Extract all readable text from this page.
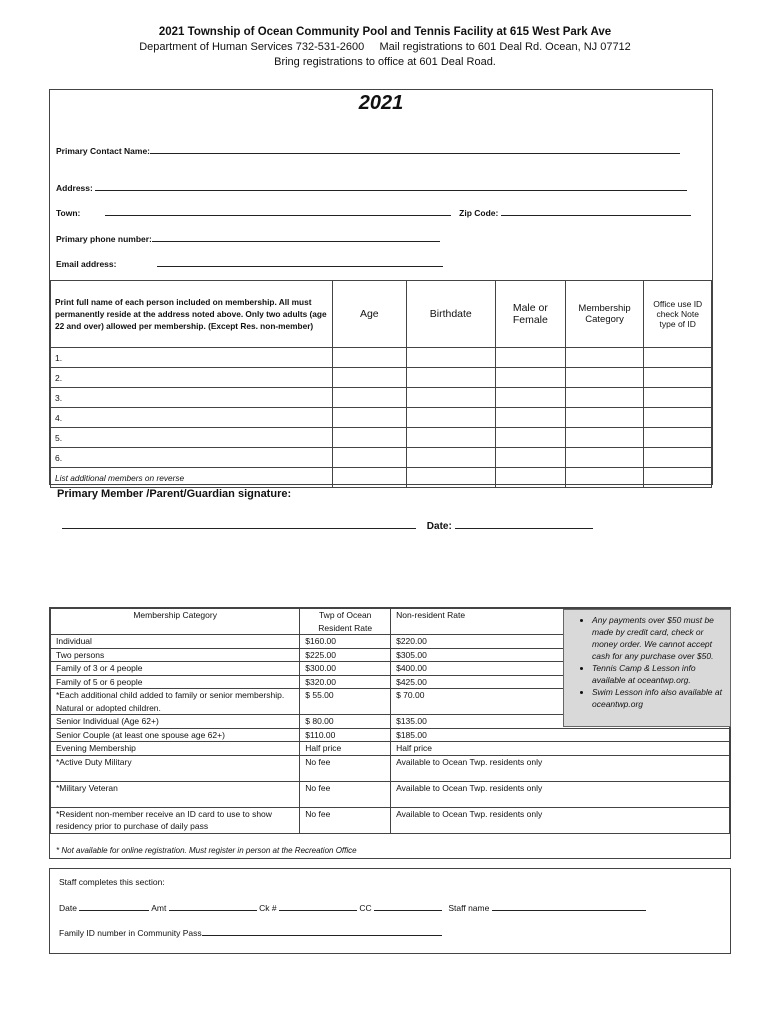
2021 Township of Ocean Community Pool and Tennis Facility at 615 West Park Ave
Department of Human Services 732-531-2600     Mail registrations to 601 Deal Rd. Ocean, NJ 07712
Bring registrations to office at 601 Deal Road.
2021
Primary Contact Name:
Address:
Town:	Zip Code:
Primary phone number:
Email address:
Print full name of each person included on membership. All must permanently reside at the address noted above. Only two adults (age 22 and over) allowed per membership. (Except Res. non-member)	Age	Birthdate	Male or Female	Membership Category	Office use ID check Note type of ID
1.					
2.					
3.					
4.					
5.					
6.					
List additional members on reverse					
Primary Member /Parent/Guardian signature:
Date:
Membership Category	Twp of Ocean Resident Rate	Non-resident Rate
Individual	$160.00	$220.00
Two persons	$225.00	$305.00
Family of 3 or 4 people	$300.00	$400.00
Family of 5 or 6 people	$320.00	$425.00
*Each additional child added to family or senior membership. Natural or adopted children.	$ 55.00	$ 70.00
Senior Individual (Age 62+)	$ 80.00	$135.00
Senior Couple (at least one spouse age 62+)	$110.00	$185.00
Evening Membership	Half price	Half price
*Active Duty Military	No fee	Available to Ocean Twp. residents only
*Military Veteran	No fee	Available to Ocean Twp. residents only
*Resident non-member receive an ID card to use to show residency prior to purchase of daily pass	No fee	Available to Ocean Twp. residents only
* Not available for online registration. Must register in person at the Recreation Office
• Any payments over $50 must be made by credit card, check or money order. We cannot accept cash for any purchase over $50.
• Tennis Camp & Lesson info available at oceantwp.org.
• Swim Lesson info also available at oceantwp.org
Staff completes this section:
Date	Amt	Ck #	CC	Staff name
Family ID number in Community Pass
